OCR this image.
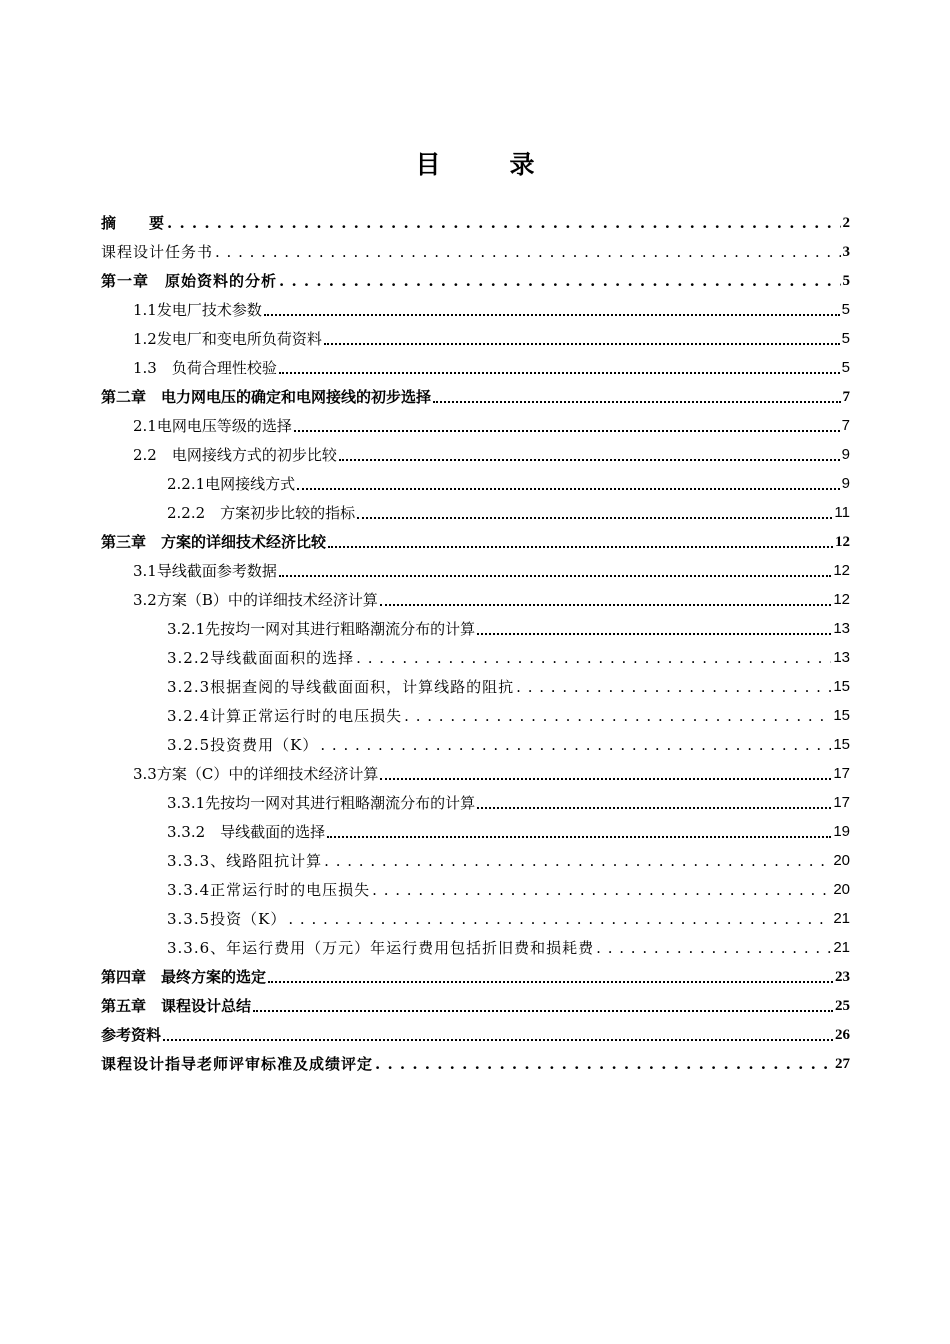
目　录
摘　　要 . . .	2
课程设计任务书 . . .	3
第一章　原始资料的分析 . . .	5
1.1发电厂技术参数	5
1.2发电厂和变电所负荷资料	5
1.3　负荷合理性校验	5
第二章　电力网电压的确定和电网接线的初步选择	7
2.1电网电压等级的选择	7
2.2　电网接线方式的初步比较	9
2.2.1电网接线方式	9
2.2.2　方案初步比较的指标	11
第三章　方案的详细技术经济比较	12
3.1导线截面参考数据	12
3.2方案（B）中的详细技术经济计算	12
3.2.1先按均一网对其进行粗略潮流分布的计算	13
3.2.2导线截面面积的选择 . . .	13
3.2.3根据查阅的导线截面面积，计算线路的阻抗 . . .	15
3.2.4计算正常运行时的电压损失 . . .	15
3.2.5投资费用（K） . . .	15
3.3方案（C）中的详细技术经济计算	17
3.3.1先按均一网对其进行粗略潮流分布的计算	17
3.3.2　导线截面的选择	19
3.3.3、线路阻抗计算 . . .	20
3.3.4正常运行时的电压损失 . . .	20
3.3.5投资（K） . . .	21
3.3.6、年运行费用（万元）年运行费用包括折旧费和损耗费 . . .	21
第四章　最终方案的选定	23
第五章　课程设计总结	25
参考资料	26
课程设计指导老师评审标准及成绩评定 . . .	27
